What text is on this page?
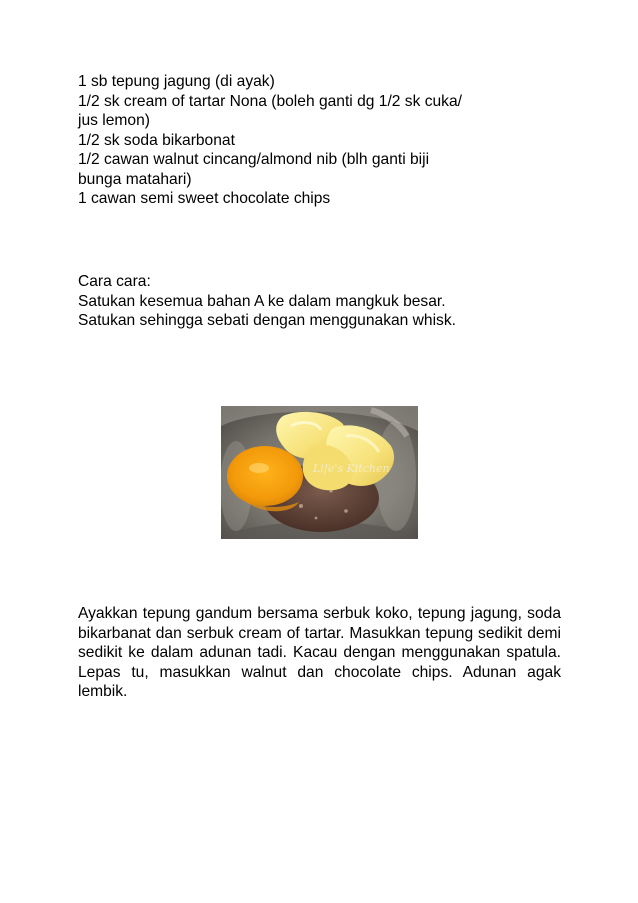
1 sb tepung jagung (di ayak)
1/2 sk cream of tartar Nona (boleh ganti dg 1/2 sk cuka/
jus lemon)
1/2 sk soda bikarbonat
1/2 cawan walnut cincang/almond nib (blh ganti biji
bunga matahari)
1 cawan semi sweet chocolate chips
Cara cara:
Satukan kesemua bahan A ke dalam mangkuk besar.
Satukan sehingga sebati dengan menggunakan whisk.
Life's Kitchen

Ayakkan tepung gandum bersama serbuk koko, tepung jagung, soda bikarbanat dan serbuk cream of tartar. Masukkan tepung sedikit demi sedikit ke dalam adunan tadi. Kacau dengan menggunakan spatula. Lepas tu, masukkan walnut dan chocolate chips. Adunan agak lembik.
